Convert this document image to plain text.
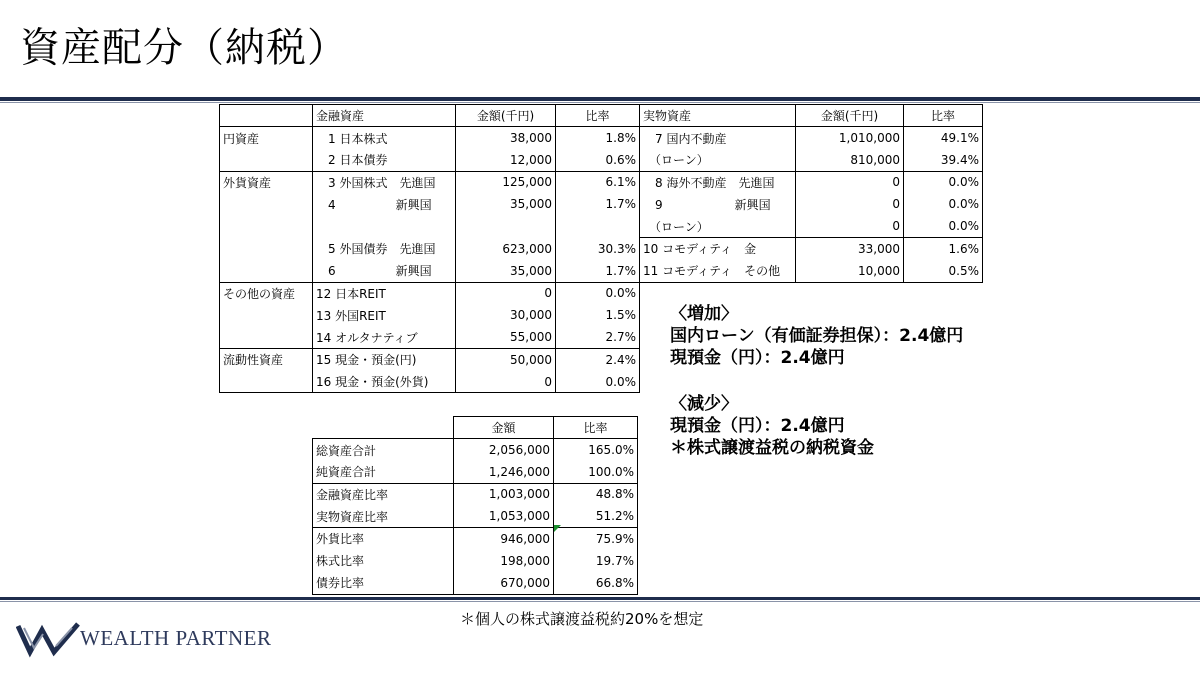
資産配分（納税）
	金融資産	金額(千円)	比率	実物資産	金額(千円)	比率
円資産	　1 日本株式	38,000	1.8%	　7 国内不動産	1,010,000	49.1%
	　2 日本債券	12,000	0.6%	　（ローン）	810,000	39.4%
外貨資産	　3 外国株式　先進国	125,000	6.1%	　8 海外不動産　先進国	0	0.0%
	　4　　　　　新興国	35,000	1.7%	　9　　　　　　新興国	0	0.0%
				　（ローン）	0	0.0%
	　5 外国債券　先進国	623,000	30.3%	10 コモディティ　金	33,000	1.6%
	　6　　　　　新興国	35,000	1.7%	11 コモディティ　その他	10,000	0.5%
その他の資産	12 日本REIT	0	0.0%			
	13 外国REIT	30,000	1.5%			
	14 オルタナティブ	55,000	2.7%			
流動性資産	15 現金・預金(円)	50,000	2.4%			
	16 現金・預金(外貨)	0	0.0%			
	金額	比率
総資産合計	2,056,000	165.0%
純資産合計	1,246,000	100.0%
金融資産比率	1,003,000	48.8%
実物資産比率	1,053,000	51.2%
外貨比率	946,000	75.9%
株式比率	198,000	19.7%
債券比率	670,000	66.8%
〈増加〉
国内ローン（有価証券担保）：2.4億円
現預金（円）：2.4億円
〈減少〉
現預金（円）：2.4億円
＊株式譲渡益税の納税資金
＊個人の株式譲渡益税約20%を想定
WEALTH PARTNER
